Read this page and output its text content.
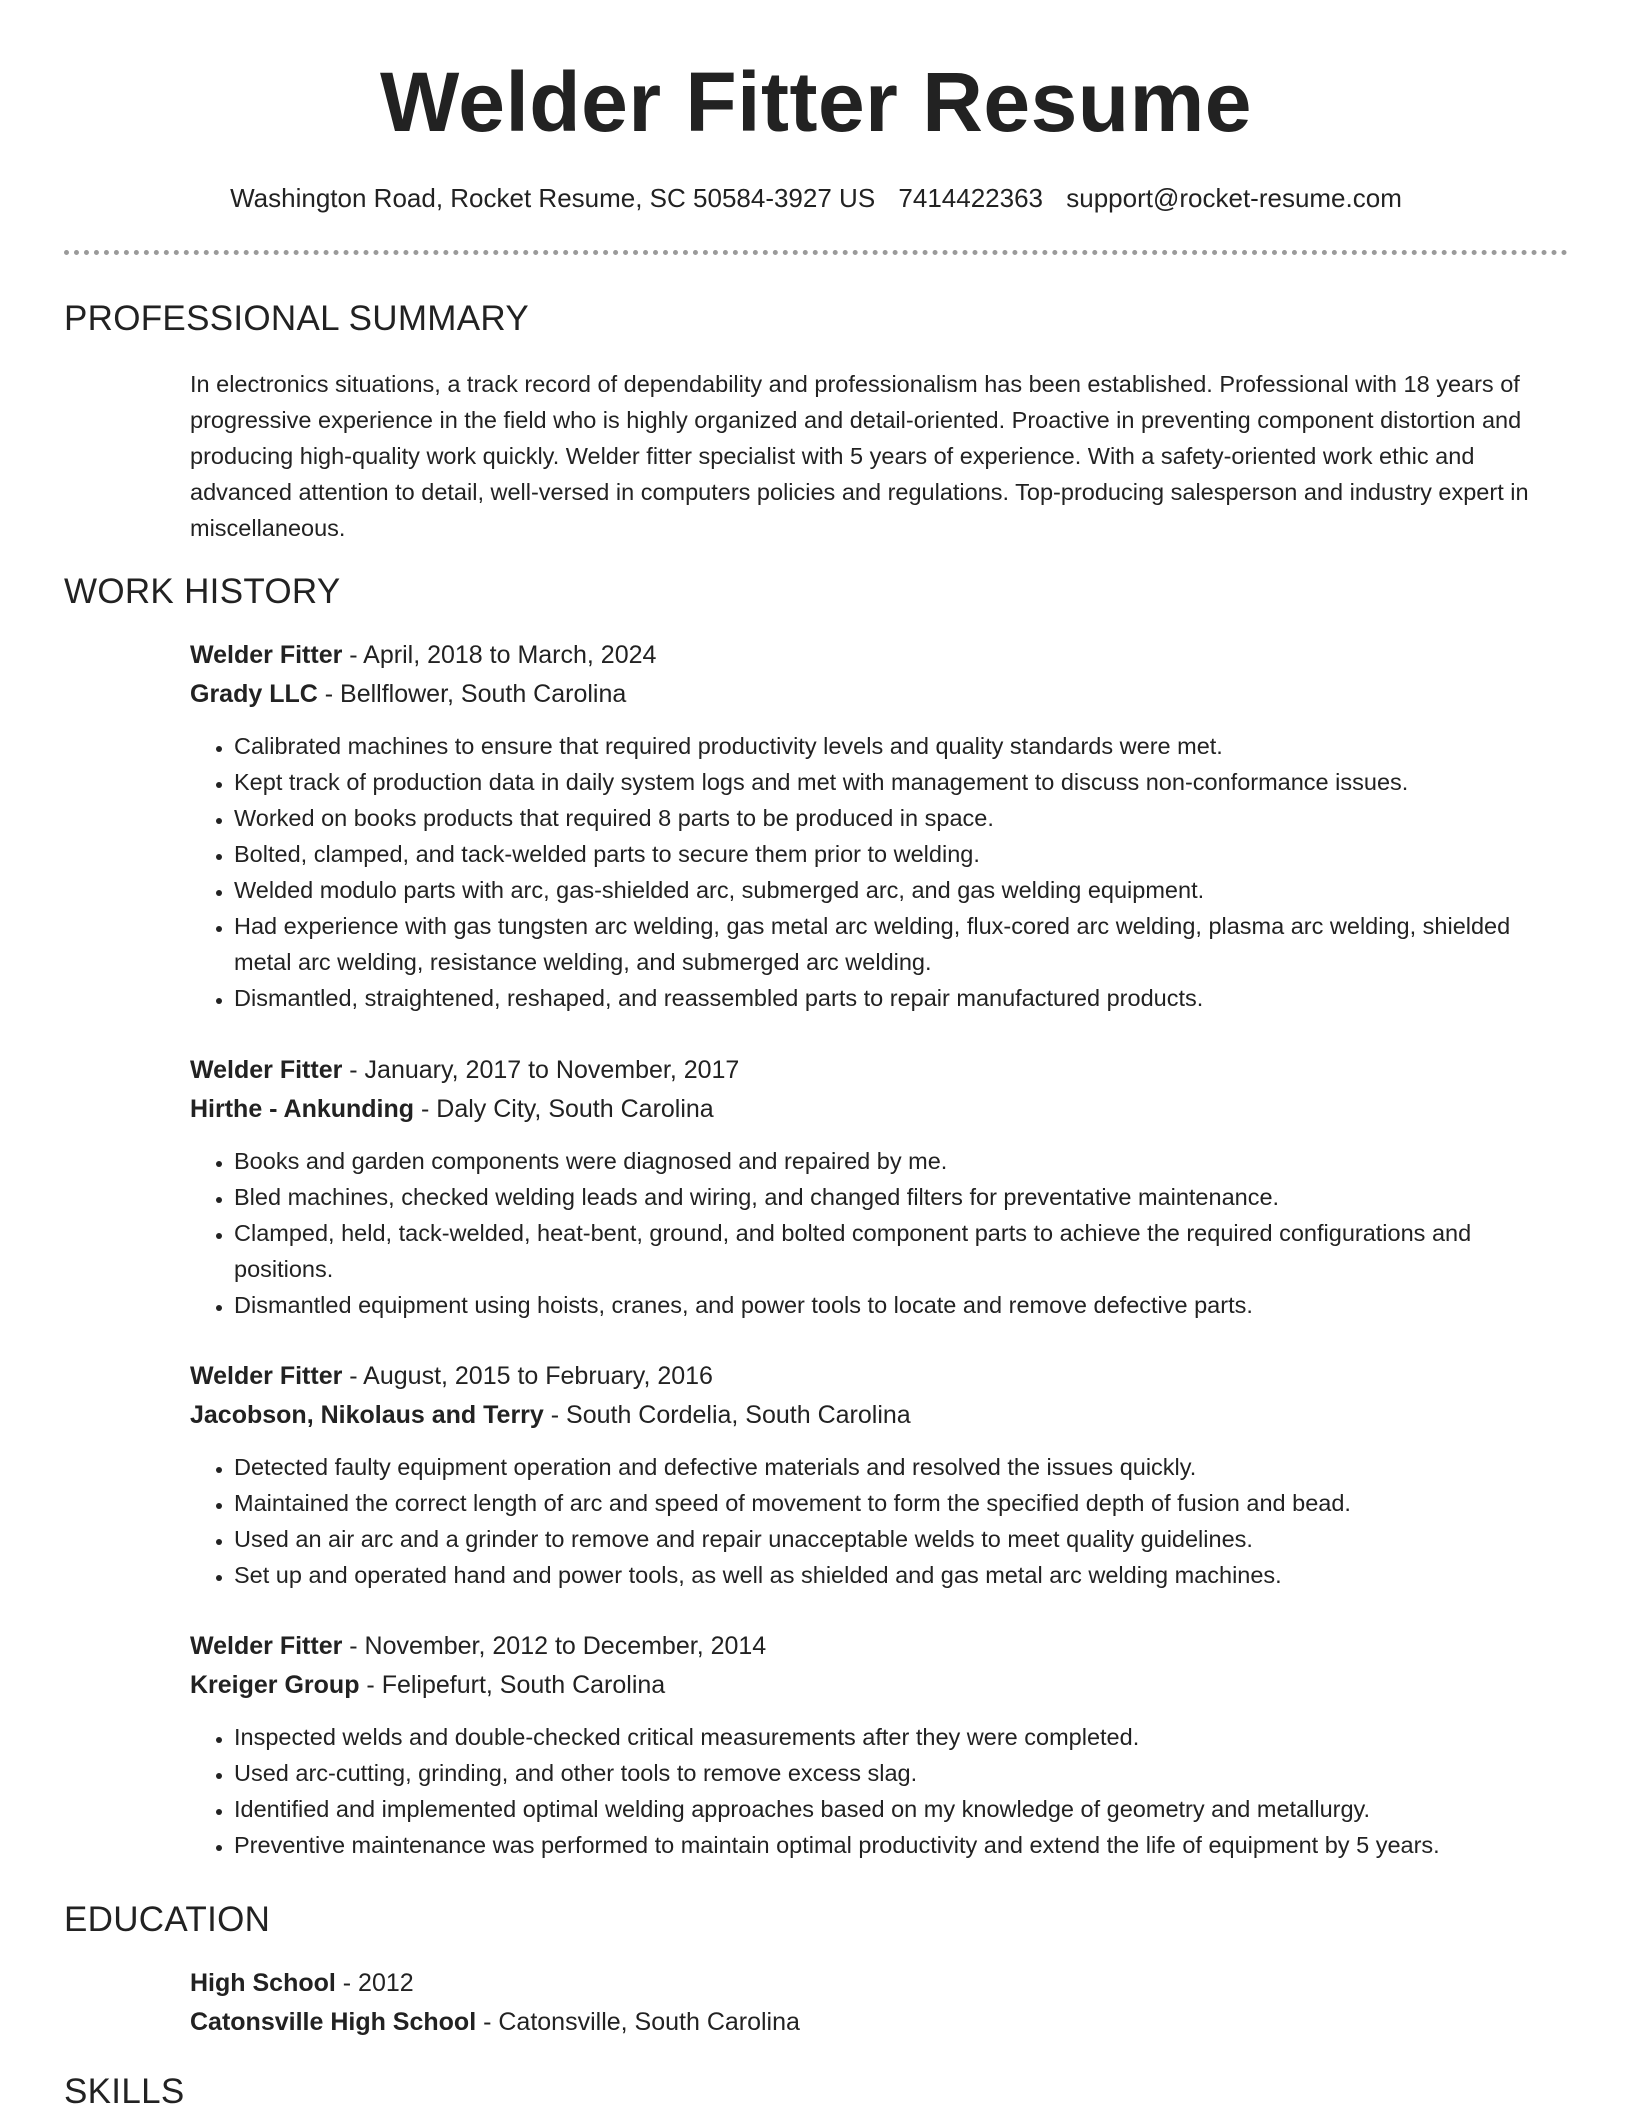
Welder Fitter Resume
Washington Road, Rocket Resume, SC 50584-3927 US 7414422363 support@rocket-resume.com
PROFESSIONAL SUMMARY

In electronics situations, a track record of dependability and professionalism has been established. Professional with 18 years of progressive experience in the field who is highly organized and detail-oriented. Proactive in preventing component distortion and producing high-quality work quickly. Welder fitter specialist with 5 years of experience. With a safety-oriented work ethic and advanced attention to detail, well-versed in computers policies and regulations. Top-producing salesperson and industry expert in miscellaneous.

WORK HISTORY
Welder Fitter - April, 2018 to March, 2024
Grady LLC - Bellflower, South Carolina
• Calibrated machines to ensure that required productivity levels and quality standards were met.
• Kept track of production data in daily system logs and met with management to discuss non-conformance issues.
• Worked on books products that required 8 parts to be produced in space.
• Bolted, clamped, and tack-welded parts to secure them prior to welding.
• Welded modulo parts with arc, gas-shielded arc, submerged arc, and gas welding equipment.
• Had experience with gas tungsten arc welding, gas metal arc welding, flux-cored arc welding, plasma arc welding, shielded metal arc welding, resistance welding, and submerged arc welding.
• Dismantled, straightened, reshaped, and reassembled parts to repair manufactured products.
Welder Fitter - January, 2017 to November, 2017
Hirthe - Ankunding - Daly City, South Carolina
• Books and garden components were diagnosed and repaired by me.
• Bled machines, checked welding leads and wiring, and changed filters for preventative maintenance.
• Clamped, held, tack-welded, heat-bent, ground, and bolted component parts to achieve the required configurations and positions.
• Dismantled equipment using hoists, cranes, and power tools to locate and remove defective parts.
Welder Fitter - August, 2015 to February, 2016
Jacobson, Nikolaus and Terry - South Cordelia, South Carolina
• Detected faulty equipment operation and defective materials and resolved the issues quickly.
• Maintained the correct length of arc and speed of movement to form the specified depth of fusion and bead.
• Used an air arc and a grinder to remove and repair unacceptable welds to meet quality guidelines.
• Set up and operated hand and power tools, as well as shielded and gas metal arc welding machines.
Welder Fitter - November, 2012 to December, 2014
Kreiger Group - Felipefurt, South Carolina
• Inspected welds and double-checked critical measurements after they were completed.
• Used arc-cutting, grinding, and other tools to remove excess slag.
• Identified and implemented optimal welding approaches based on my knowledge of geometry and metallurgy.
• Preventive maintenance was performed to maintain optimal productivity and extend the life of equipment by 5 years.
EDUCATION
High School - 2012
Catonsville High School - Catonsville, South Carolina
SKILLS
